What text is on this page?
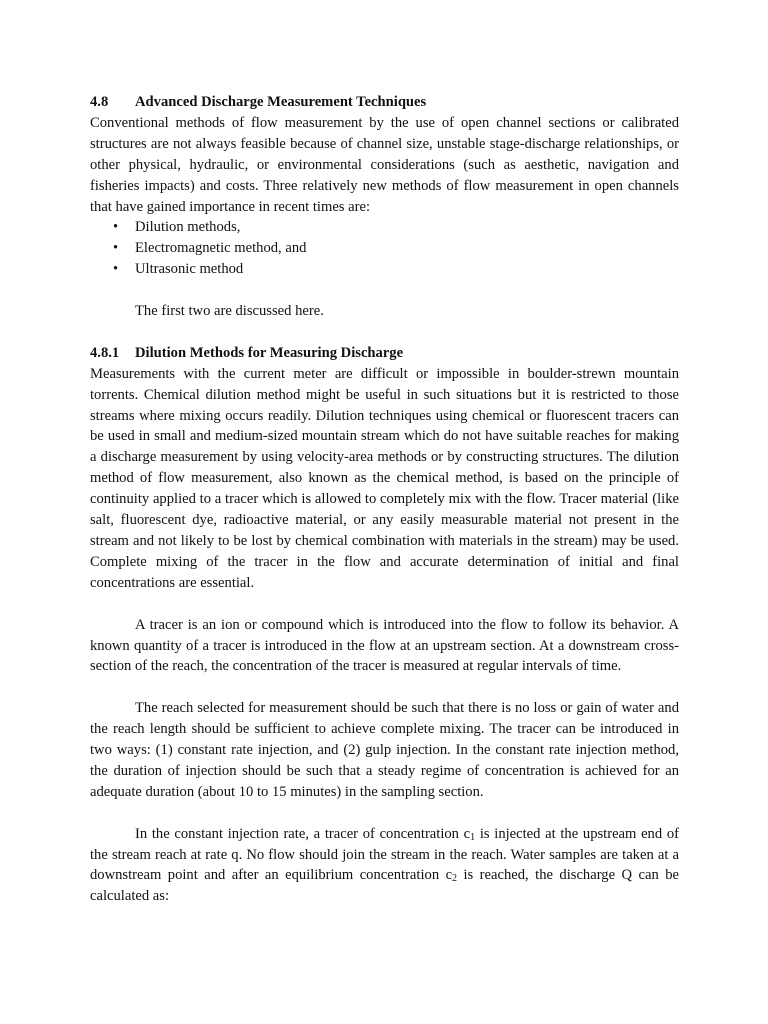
4.8 Advanced Discharge Measurement Techniques

Conventional methods of flow measurement by the use of open channel sections or calibrated structures are not always feasible because of channel size, unstable stage-discharge relationships, or other physical, hydraulic, or environmental considerations (such as aesthetic, navigation and fisheries impacts) and costs. Three relatively new methods of flow measurement in open channels that have gained importance in recent times are:

• Dilution methods,
• Electromagnetic method, and
• Ultrasonic method

The first two are discussed here.

4.8.1 Dilution Methods for Measuring Discharge

Measurements with the current meter are difficult or impossible in boulder-strewn mountain torrents. Chemical dilution method might be useful in such situations but it is restricted to those streams where mixing occurs readily. Dilution techniques using chemical or fluorescent tracers can be used in small and medium-sized mountain stream which do not have suitable reaches for making a discharge measurement by using velocity-area methods or by constructing structures. The dilution method of flow measurement, also known as the chemical method, is based on the principle of continuity applied to a tracer which is allowed to completely mix with the flow. Tracer material (like salt, fluorescent dye, radioactive material, or any easily measurable material not present in the stream and not likely to be lost by chemical combination with materials in the stream) may be used. Complete mixing of the tracer in the flow and accurate determination of initial and final concentrations are essential.

A tracer is an ion or compound which is introduced into the flow to follow its behavior. A known quantity of a tracer is introduced in the flow at an upstream section. At a downstream cross-section of the reach, the concentration of the tracer is measured at regular intervals of time.

The reach selected for measurement should be such that there is no loss or gain of water and the reach length should be sufficient to achieve complete mixing. The tracer can be introduced in two ways: (1) constant rate injection, and (2) gulp injection. In the constant rate injection method, the duration of injection should be such that a steady regime of concentration is achieved for an adequate duration (about 10 to 15 minutes) in the sampling section.

In the constant injection rate, a tracer of concentration $c_1$ is injected at the upstream end of the stream reach at rate q. No flow should join the stream in the reach. Water samples are taken at a downstream point and after an equilibrium concentration $c_2$ is reached, the discharge Q can be calculated as:
